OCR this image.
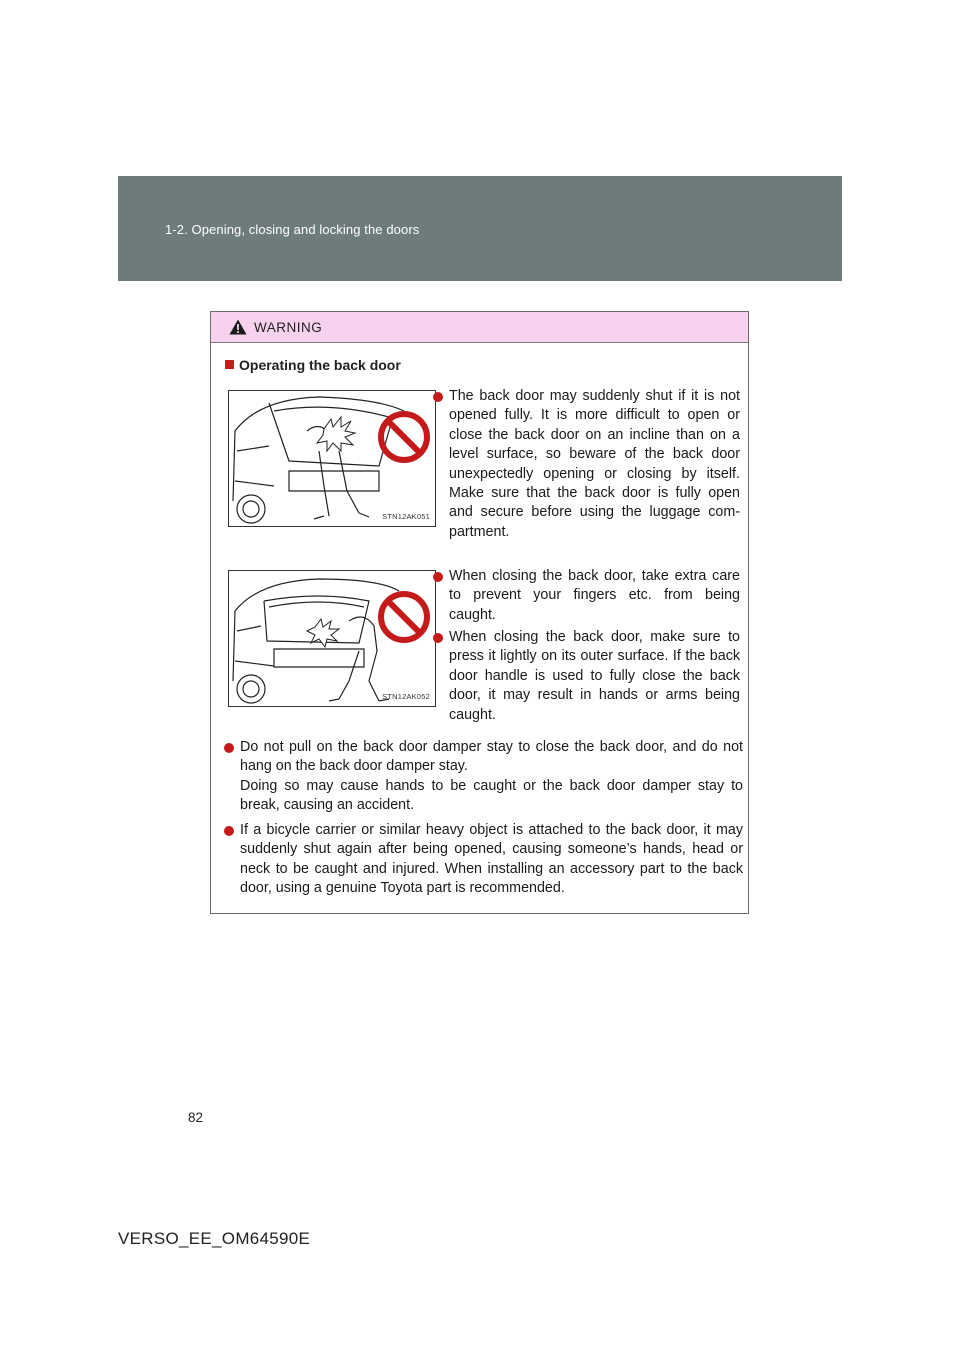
1-2. Opening, closing and locking the doors
WARNING
Operating the back door
STN12AK051
STN12AK052
The back door may suddenly shut if it is not opened fully. It is more difficult to open or close the back door on an incline than on a level surface, so beware of the back door unexpectedly opening or closing by itself. Make sure that the back door is fully open and secure before using the luggage com-partment.
When closing the back door, take extra care to prevent your fingers etc. from being caught.
When closing the back door, make sure to press it lightly on its outer surface. If the back door handle is used to fully close the back door, it may result in hands or arms being caught.

Do not pull on the back door damper stay to close the back door, and do not hang on the back door damper stay.

Doing so may cause hands to be caught or the back door damper stay to break, causing an accident.

If a bicycle carrier or similar heavy object is attached to the back door, it may suddenly shut again after being opened, causing someone’s hands, head or neck to be caught and injured. When installing an accessory part to the back door, using a genuine Toyota part is recommended.
82
VERSO_EE_OM64590E
